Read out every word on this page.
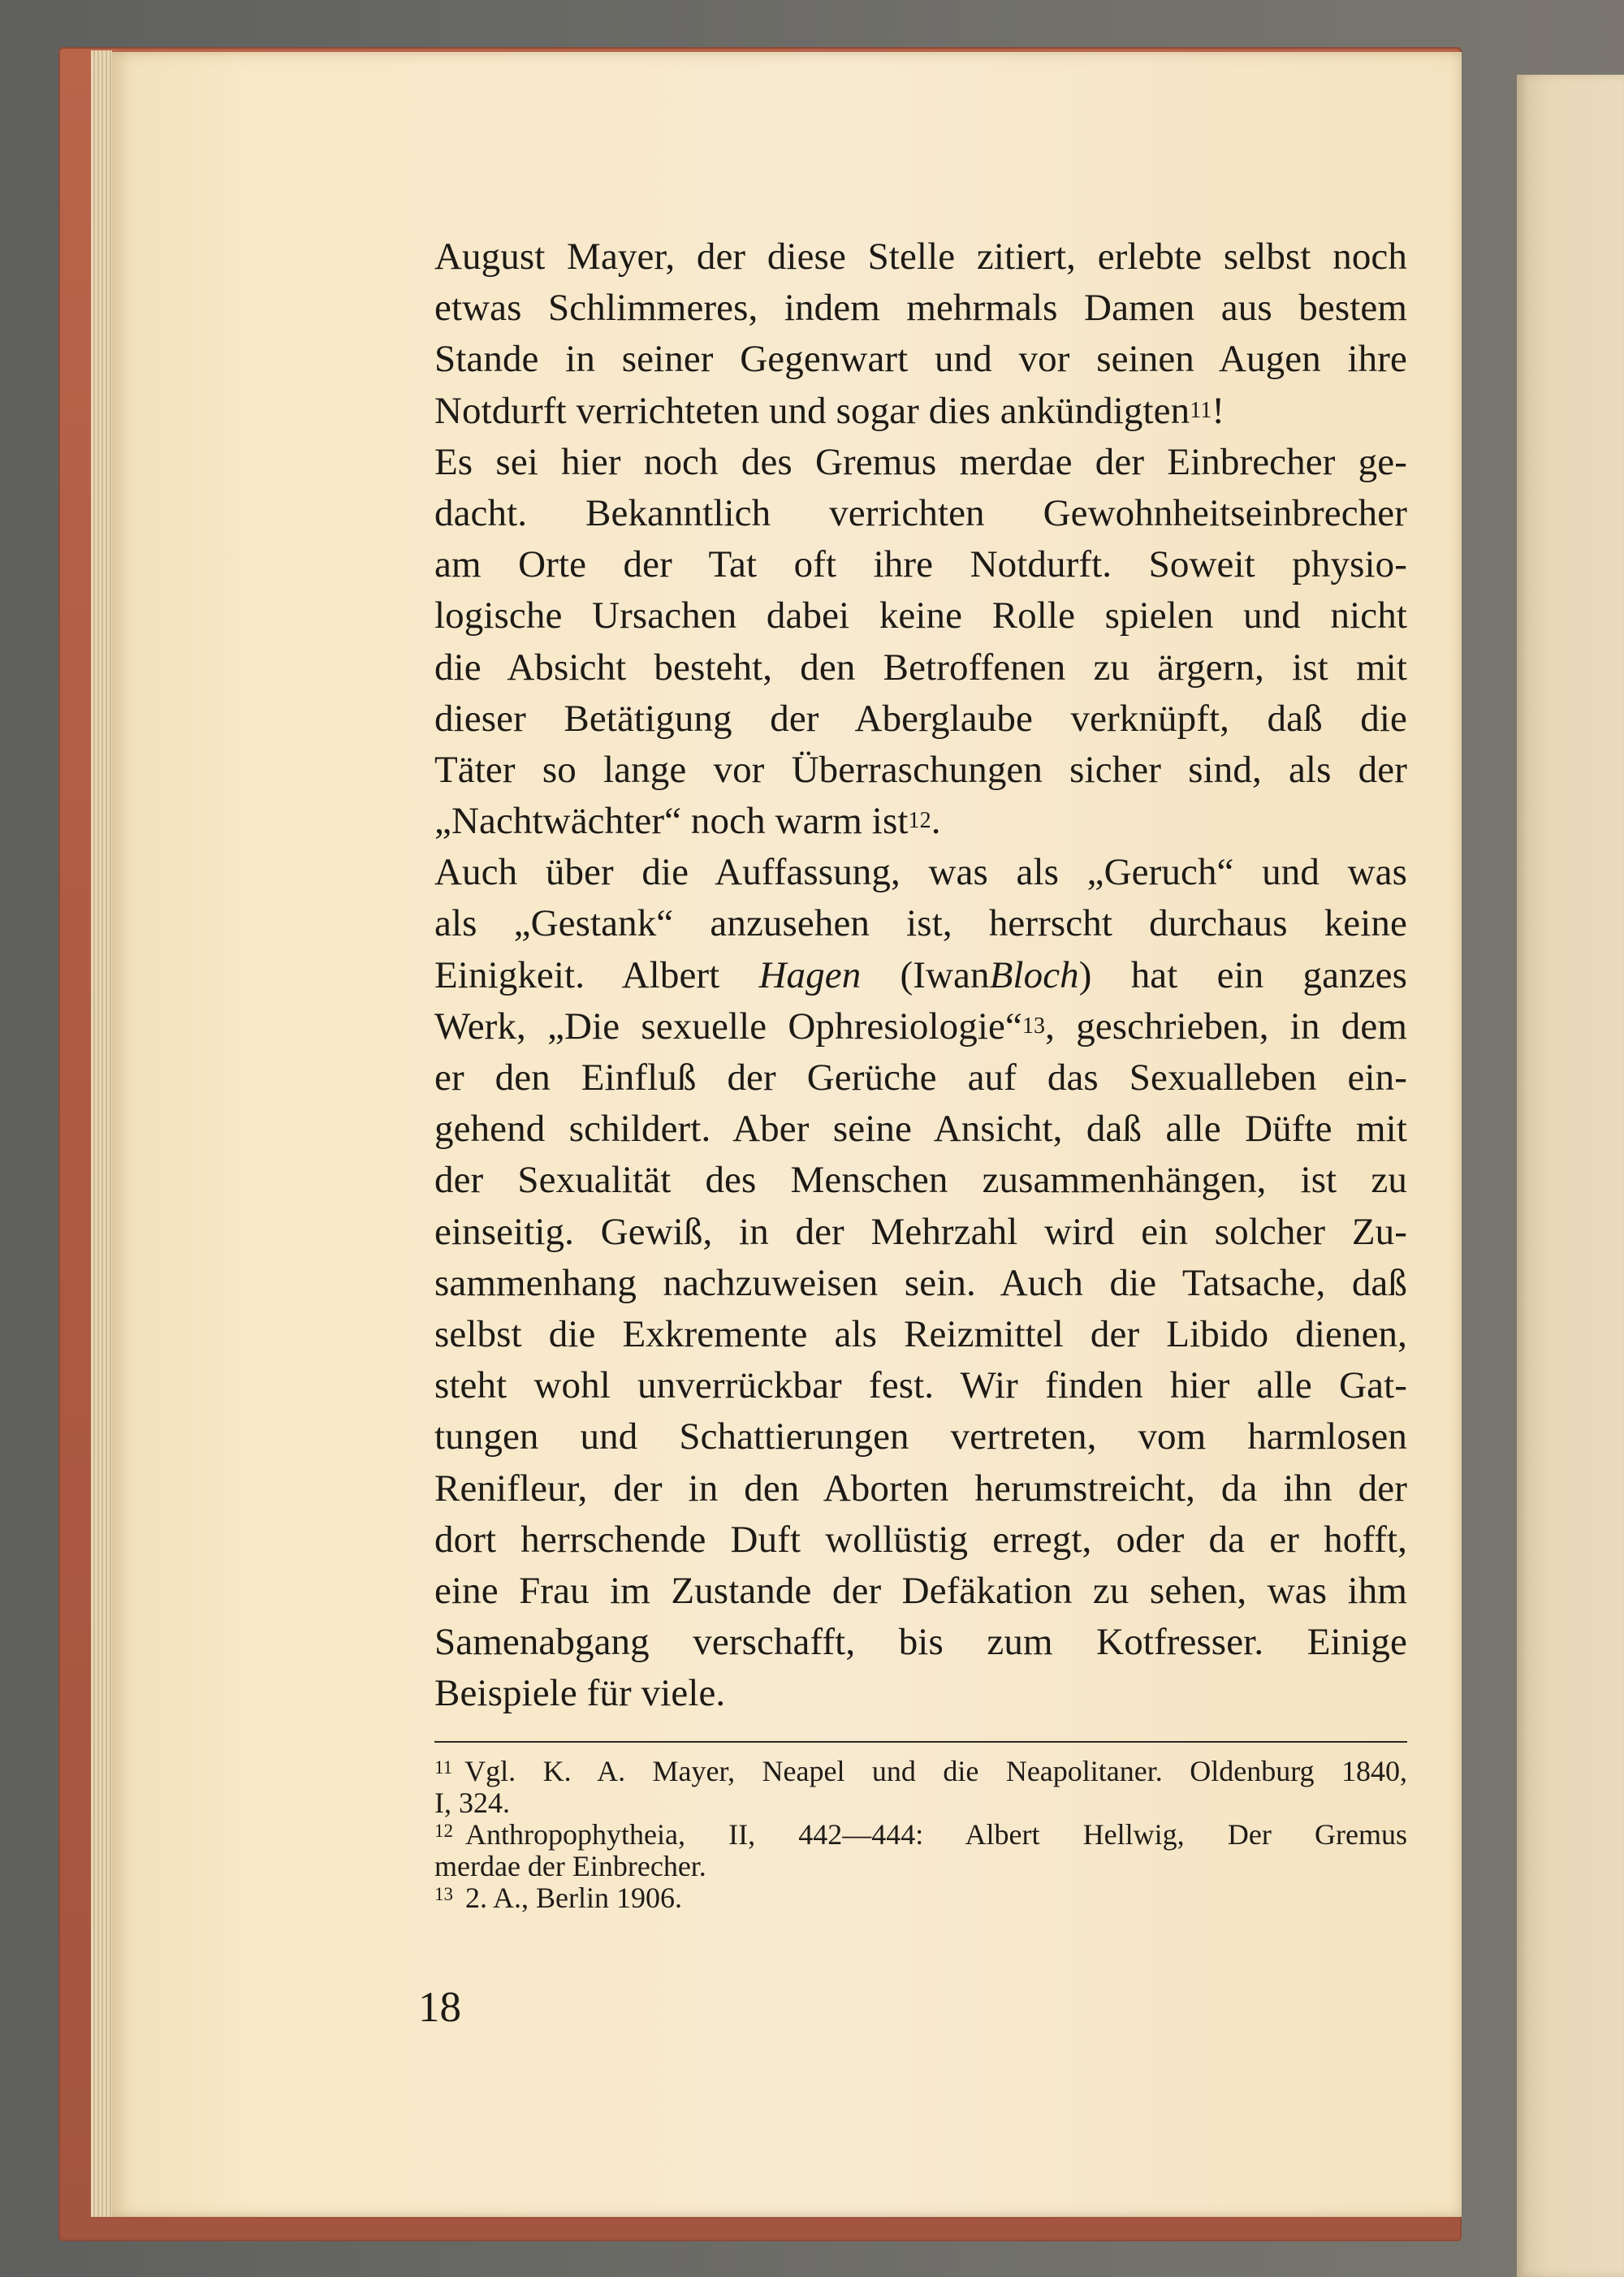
August Mayer, der diese Stelle zitiert, erlebte selbst noch
etwas Schlimmeres, indem mehrmals Damen aus bestem
Stande in seiner Gegenwart und vor seinen Augen ihre
Notdurft verrichteten und sogar dies ankündigten$^{11}$!
Es sei hier noch des Gremus merdae der Einbrecher ge-
dacht. Bekanntlich verrichten Gewohnheitseinbrecher
am Orte der Tat oft ihre Notdurft. Soweit physio-
logische Ursachen dabei keine Rolle spielen und nicht
die Absicht besteht, den Betroffenen zu ärgern, ist mit
dieser Betätigung der Aberglaube verknüpft, daß die
Täter so lange vor Überraschungen sicher sind, als der
„Nachtwächter“ noch warm ist$^{12}$.
Auch über die Auffassung, was als „Geruch“ und was
als „Gestank“ anzusehen ist, herrscht durchaus keine
Einigkeit. Albert Hagen (IwanBloch) hat ein ganzes
Werk, „Die sexuelle Ophresiologie“$^{13}$, geschrieben, in dem
er den Einfluß der Gerüche auf das Sexualleben ein-
gehend schildert. Aber seine Ansicht, daß alle Düfte mit
der Sexualität des Menschen zusammenhängen, ist zu
einseitig. Gewiß, in der Mehrzahl wird ein solcher Zu-
sammenhang nachzuweisen sein. Auch die Tatsache, daß
selbst die Exkremente als Reizmittel der Libido dienen,
steht wohl unverrückbar fest. Wir finden hier alle Gat-
tungen und Schattierungen vertreten, vom harmlosen
Renifleur, der in den Aborten herumstreicht, da ihn der
dort herrschende Duft wollüstig erregt, oder da er hofft,
eine Frau im Zustande der Defäkation zu sehen, was ihm
Samenabgang verschafft, bis zum Kotfresser. Einige
Beispiele für viele.
$^{11}$ Vgl. K. A. Mayer, Neapel und die Neapolitaner. Oldenburg 1840,
I, 324.
$^{12}$ Anthropophytheia, II, 442—444: Albert Hellwig, Der Gremus
merdae der Einbrecher.
$^{13}$ 2. A., Berlin 1906.
18
